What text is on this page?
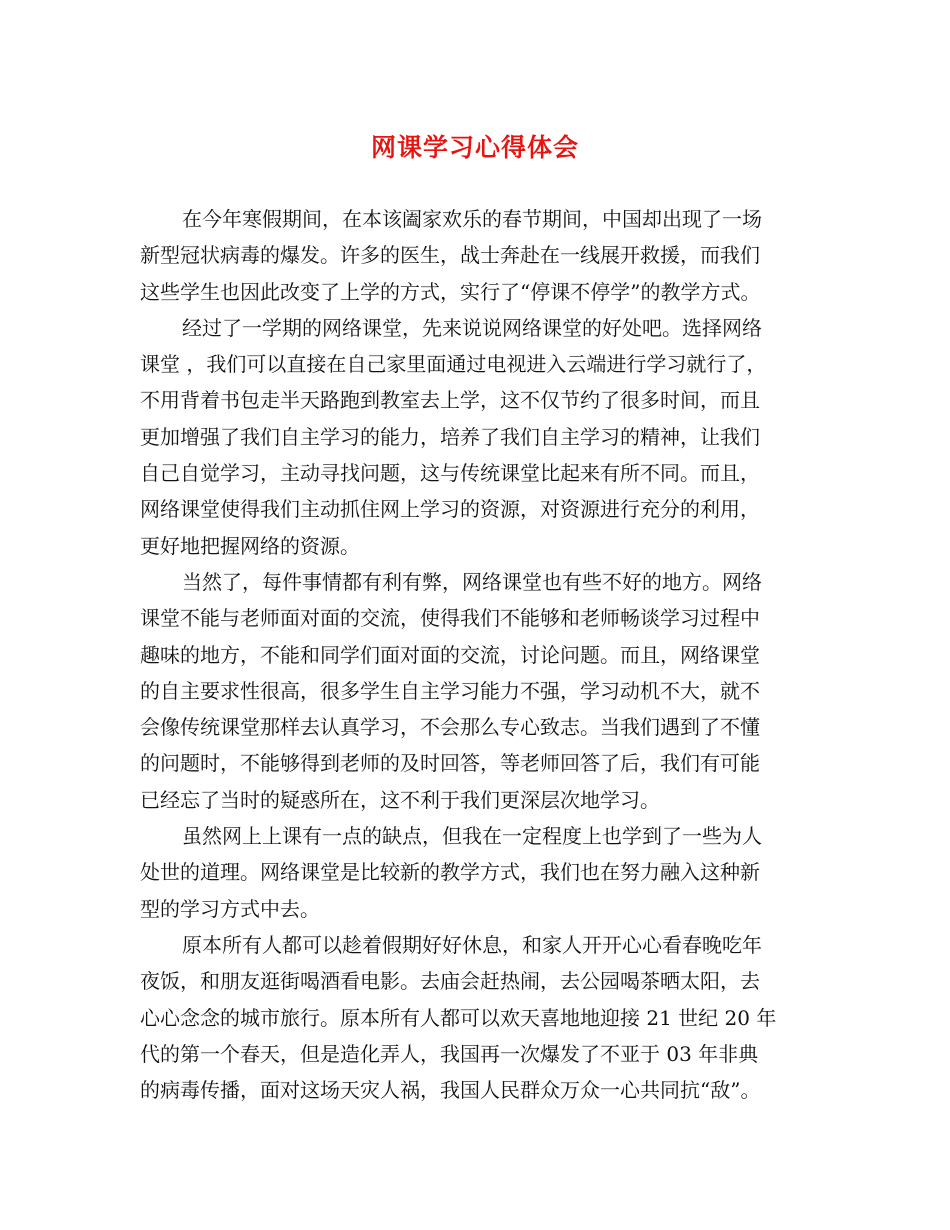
网课学习心得体会
在今年寒假期间，在本该阖家欢乐的春节期间，中国却出现了一场
新型冠状病毒的爆发。许多的医生，战士奔赴在一线展开救援，而我们
这些学生也因此改变了上学的方式，实行了“停课不停学”的教学方式。
经过了一学期的网络课堂，先来说说网络课堂的好处吧。选择网络
课堂 ，我们可以直接在自己家里面通过电视进入云端进行学习就行了，
不用背着书包走半天路跑到教室去上学，这不仅节约了很多时间，而且
更加增强了我们自主学习的能力，培养了我们自主学习的精神，让我们
自己自觉学习，主动寻找问题，这与传统课堂比起来有所不同。而且，
网络课堂使得我们主动抓住网上学习的资源，对资源进行充分的利用，
更好地把握网络的资源。
当然了，每件事情都有利有弊，网络课堂也有些不好的地方。网络
课堂不能与老师面对面的交流，使得我们不能够和老师畅谈学习过程中
趣味的地方，不能和同学们面对面的交流，讨论问题。而且，网络课堂
的自主要求性很高，很多学生自主学习能力不强，学习动机不大，就不
会像传统课堂那样去认真学习，不会那么专心致志。当我们遇到了不懂
的问题时，不能够得到老师的及时回答，等老师回答了后，我们有可能
已经忘了当时的疑惑所在，这不利于我们更深层次地学习。
虽然网上上课有一点的缺点，但我在一定程度上也学到了一些为人
处世的道理。网络课堂是比较新的教学方式，我们也在努力融入这种新
型的学习方式中去。
原本所有人都可以趁着假期好好休息，和家人开开心心看春晚吃年
夜饭，和朋友逛街喝酒看电影。去庙会赶热闹，去公园喝茶晒太阳，去
心心念念的城市旅行。原本所有人都可以欢天喜地地迎接 21 世纪 20 年
代的第一个春天，但是造化弄人，我国再一次爆发了不亚于 03 年非典
的病毒传播，面对这场天灾人祸，我国人民群众万众一心共同抗“敌”。
